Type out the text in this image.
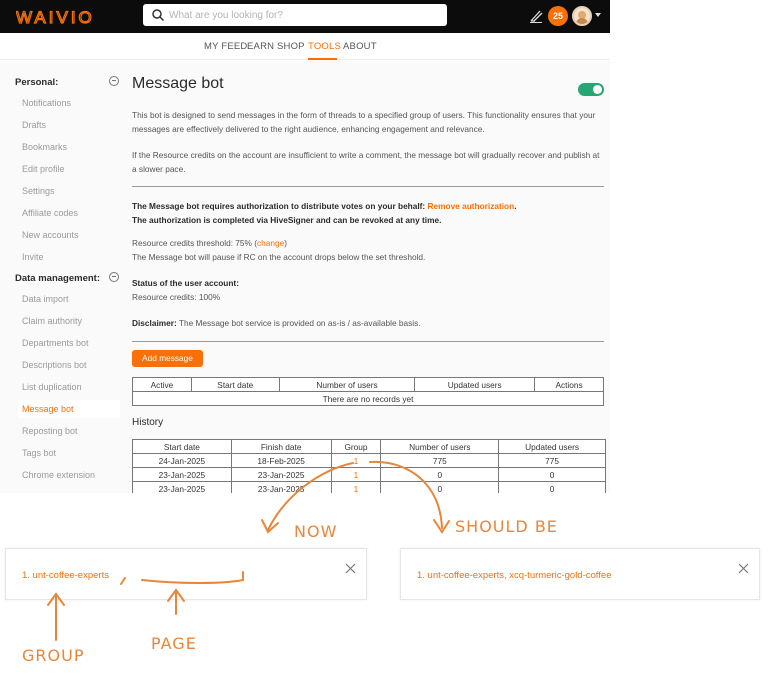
WAIVIO
What are you looking for?	25
MY FEED EARN SHOP TOOLS ABOUT
Personal:
Notifications
Drafts
Bookmarks
Edit profile
Settings
Affiliate codes
New accounts
Invite
Data management:
Data import
Claim authority
Departments bot
Descriptions bot
List duplication
Message bot
Reposting bot
Tags bot
Chrome extension
Message bot
This bot is designed to send messages in the form of threads to a specified group of users. This functionality ensures that your messages are effectively delivered to the right audience, enhancing engagement and relevance.
If the Resource credits on the account are insufficient to write a comment, the message bot will gradually recover and publish at a slower pace.
The Message bot requires authorization to distribute votes on your behalf: Remove authorization.
The authorization is completed via HiveSigner and can be revoked at any time.
Resource credits threshold: 75% (change)
The Message bot will pause if RC on the account drops below the set threshold.
Status of the user account:
Resource credits: 100%
Disclaimer: The Message bot service is provided on as-is / as-available basis.
Add message
Active	Start date	Number of users	Updated users	Actions
There are no records yet
History
Start date	Finish date	Group	Number of users	Updated users
24-Jan-2025	18-Feb-2025	1	775	775
23-Jan-2025	23-Jan-2025	1	0	0
23-Jan-2025	23-Jan-2025	1	0	0
1. unt-coffee-experts	1. unt-coffee-experts, xcq-turmeric-gold-coffee
NOW	SHOULD BE
GROUP
PAGE
